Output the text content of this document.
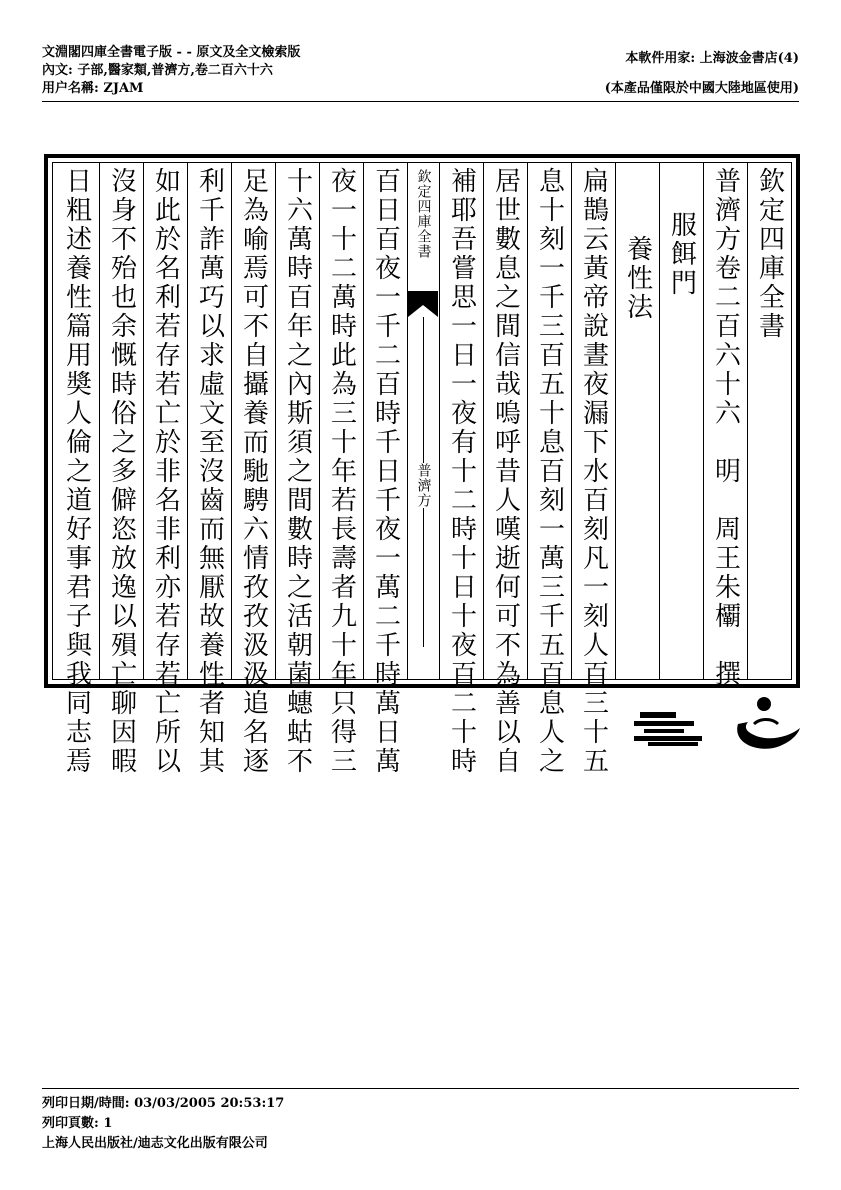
文淵閣四庫全書電子版 - - 原文及全文檢索版
內文: 子部,醫家類,普濟方,卷二百六十六
用户名稱: ZJAM
本軟件用家: 上海波金書店(4)
(本產品僅限於中國大陸地區使用)
欽定四庫全書
普濟方卷二百六十六　明　周王朱𣠽　撰
服餌門
養性法
扁鵲云黃帝說晝夜漏下水百刻凡一刻人百三十五
息十刻一千三百五十息百刻一萬三千五百息人之
居世數息之間信哉嗚呼昔人嘆逝何可不為善以自
補耶吾嘗思一日一夜有十二時十日十夜百二十時
欽定四庫全書
普濟方
百日百夜一千二百時千日千夜一萬二千時萬日萬
夜一十二萬時此為三十年若長壽者九十年只得三
十六萬時百年之內斯須之間數時之活朝菌蟪蛄不
足為喻焉可不自攝養而馳騁六情孜孜汲汲追名逐
利千詐萬巧以求虛文至沒齒而無厭故養性者知其
如此於名利若存若亡於非名非利亦若存若亡所以
沒身不殆也余慨時俗之多僻恣放逸以殞亡聊因暇
日粗述養性篇用奬人倫之道好事君子與我同志焉
列印日期/時間: 03/03/2005 20:53:17
列印頁數: 1
上海人民出版社/迪志文化出版有限公司
